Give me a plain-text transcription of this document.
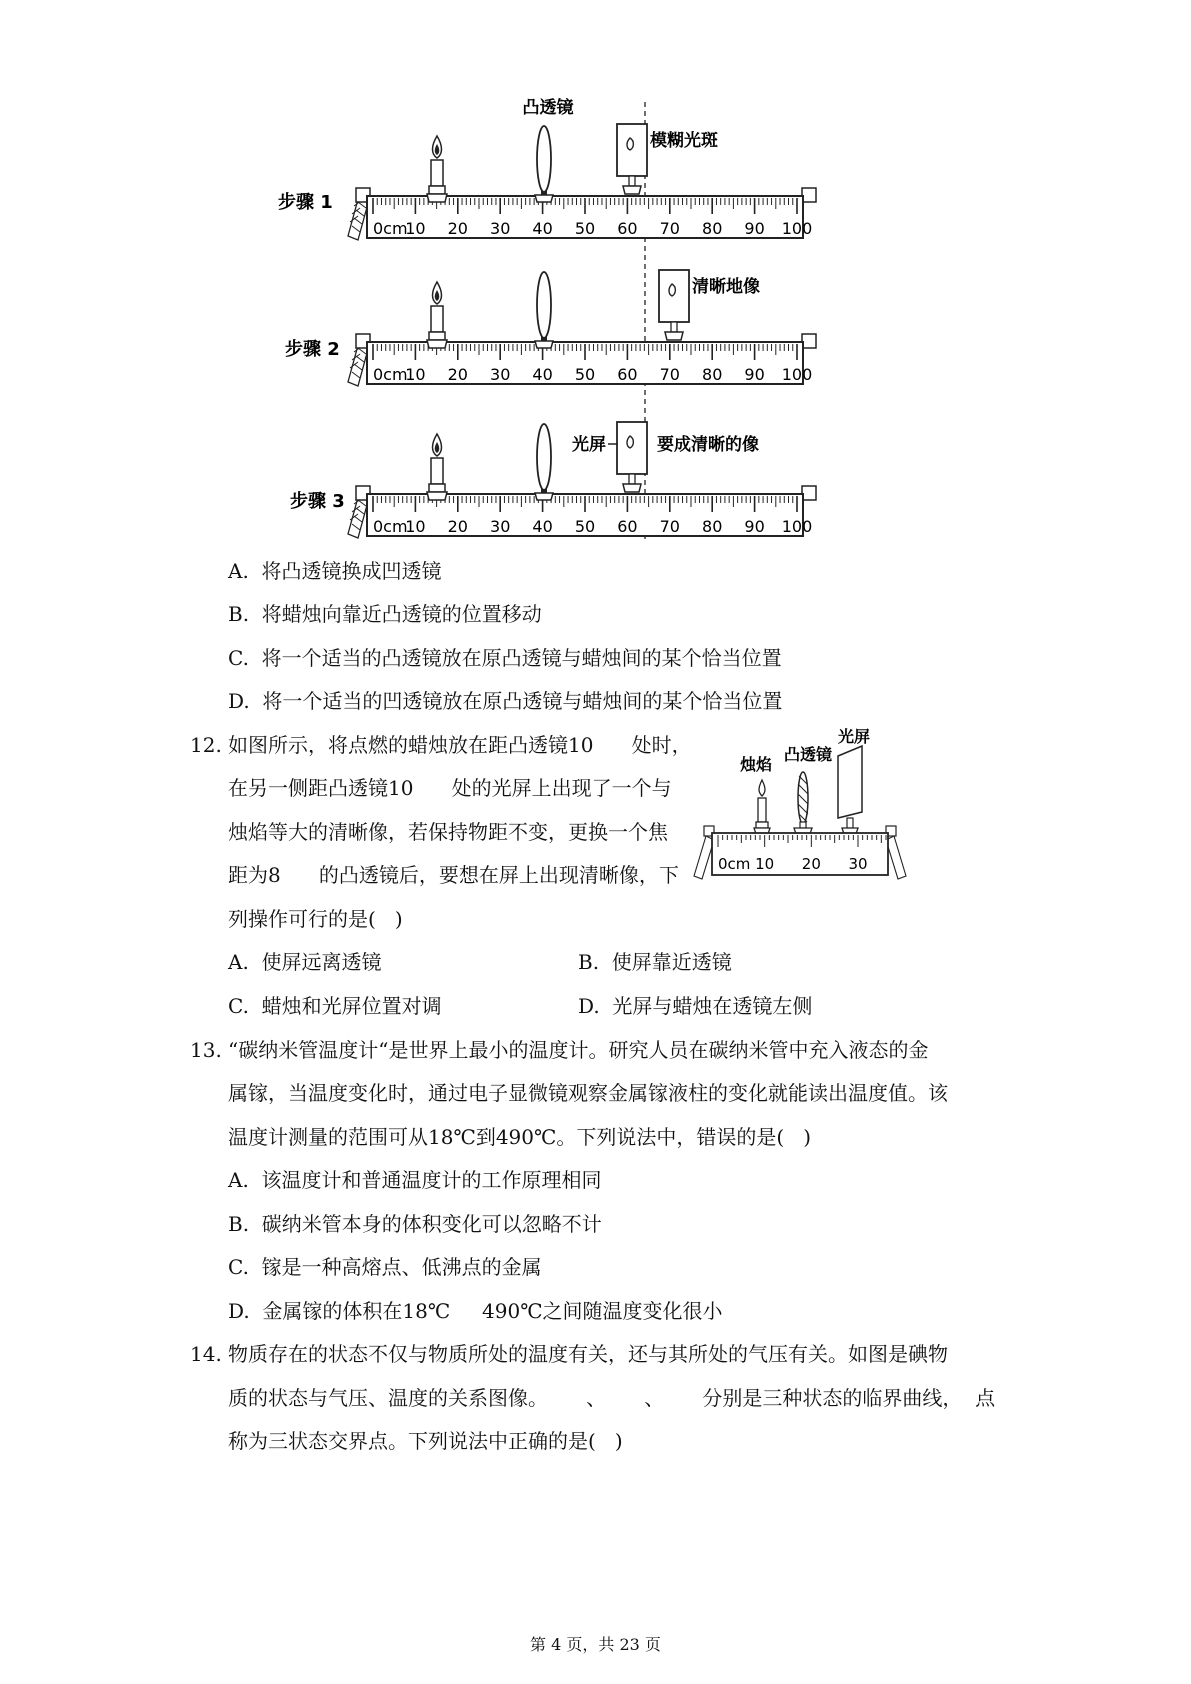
凸透镜
步骤 1
0cm
10 20 30 40 50 60 70 80 90 100
模糊光斑
步骤 2
0cm
10 20 30 40 50 60 70 80 90 100
清晰地像
步骤 3
0cm
10 20 30 40 50 60 70 80 90 100
光屏	要成清晰的像
A. 将凸透镜换成凹透镜
B. 将蜡烛向靠近凸透镜的位置移动
C. 将一个适当的凸透镜放在原凸透镜与蜡烛间的某个恰当位置
D. 将一个适当的凹透镜放在原凸透镜与蜡烛间的某个恰当位置
12. 如图所示，将点燃的蜡烛放在距凸透镜10      处时，
在另一侧距凸透镜10      处的光屏上出现了一个与
烛焰等大的清晰像，若保持物距不变，更换一个焦
距为8      的凸透镜后，要想在屏上出现清晰像，下
列操作可行的是(   )
烛焰
凸透镜
光屏
0cm 10 20 30
A. 使屏远离透镜	B. 使屏靠近透镜
C. 蜡烛和光屏位置对调	D. 光屏与蜡烛在透镜左侧
13. “碳纳米管温度计“是世界上最小的温度计。研究人员在碳纳米管中充入液态的金
属镓，当温度变化时，通过电子显微镜观察金属镓液柱的变化就能读出温度值。该
温度计测量的范围可从18℃到490℃。下列说法中，错误的是(   )
A. 该温度计和普通温度计的工作原理相同
B. 碳纳米管本身的体积变化可以忽略不计
C. 镓是一种高熔点、低沸点的金属
D. 金属镓的体积在18℃     490℃之间随温度变化很小
14. 物质存在的状态不仅与物质所处的温度有关，还与其所处的气压有关。如图是碘物
质的状态与气压、温度的关系图像。      、      、      分别是三种状态的临界曲线，  点
称为三状态交界点。下列说法中正确的是(   )
第 4 页，共 23 页
